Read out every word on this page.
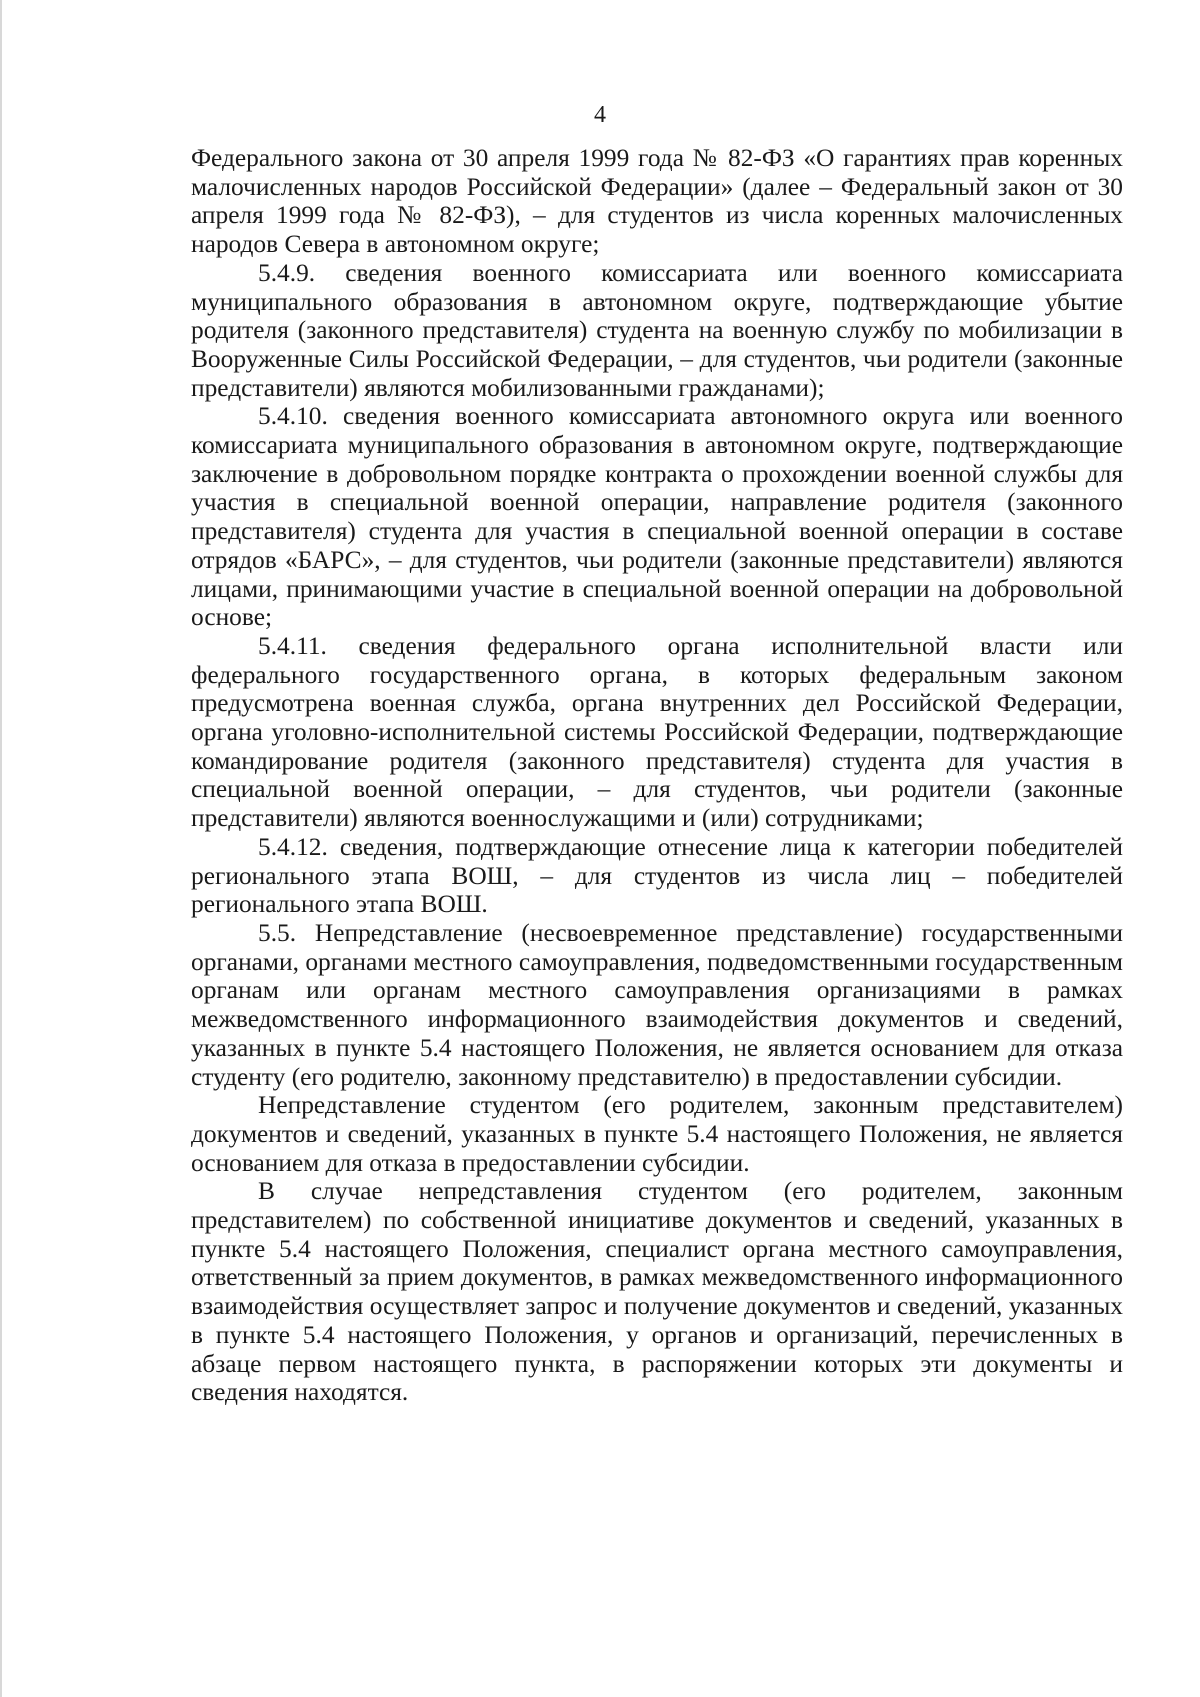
4

Федерального закона от 30 апреля 1999 года № 82-ФЗ «О гарантиях прав коренных малочисленных народов Российской Федерации» (далее – Федеральный закон от 30 апреля 1999 года № 82-ФЗ), – для студентов из числа коренных малочисленных народов Севера в автономном округе;

5.4.9. сведения военного комиссариата или военного комиссариата муниципального образования в автономном округе, подтверждающие убытие родителя (законного представителя) студента на военную службу по мобилизации в Вооруженные Силы Российской Федерации, – для студентов, чьи родители (законные представители) являются мобилизованными гражданами);

5.4.10. сведения военного комиссариата автономного округа или военного комиссариата муниципального образования в автономном округе, подтверждающие заключение в добровольном порядке контракта о прохождении военной службы для участия в специальной военной операции, направление родителя (законного представителя) студента для участия в специальной военной операции в составе отрядов «БАРС», – для студентов, чьи родители (законные представители) являются лицами, принимающими участие в специальной военной операции на добровольной основе;

5.4.11. сведения федерального органа исполнительной власти или федерального государственного органа, в которых федеральным законом предусмотрена военная служба, органа внутренних дел Российской Федерации, органа уголовно-исполнительной системы Российской Федерации, подтверждающие командирование родителя (законного представителя) студента для участия в специальной военной операции, – для студентов, чьи родители (законные представители) являются военнослужащими и (или) сотрудниками;

5.4.12. сведения, подтверждающие отнесение лица к категории победителей регионального этапа ВОШ, – для студентов из числа лиц – победителей регионального этапа ВОШ.

5.5. Непредставление (несвоевременное представление) государственными органами, органами местного самоуправления, подведомственными государственным органам или органам местного самоуправления организациями в рамках межведомственного информационного взаимодействия документов и сведений, указанных в пункте 5.4 настоящего Положения, не является основанием для отказа студенту (его родителю, законному представителю) в предоставлении субсидии.

Непредставление студентом (его родителем, законным представителем) документов и сведений, указанных в пункте 5.4 настоящего Положения, не является основанием для отказа в предоставлении субсидии.

В случае непредставления студентом (его родителем, законным представителем) по собственной инициативе документов и сведений, указанных в пункте 5.4 настоящего Положения, специалист органа местного самоуправления, ответственный за прием документов, в рамках межведомственного информационного взаимодействия осуществляет запрос и получение документов и сведений, указанных в пункте 5.4 настоящего Положения, у органов и организаций, перечисленных в абзаце первом настоящего пункта, в распоряжении которых эти документы и сведения находятся.
